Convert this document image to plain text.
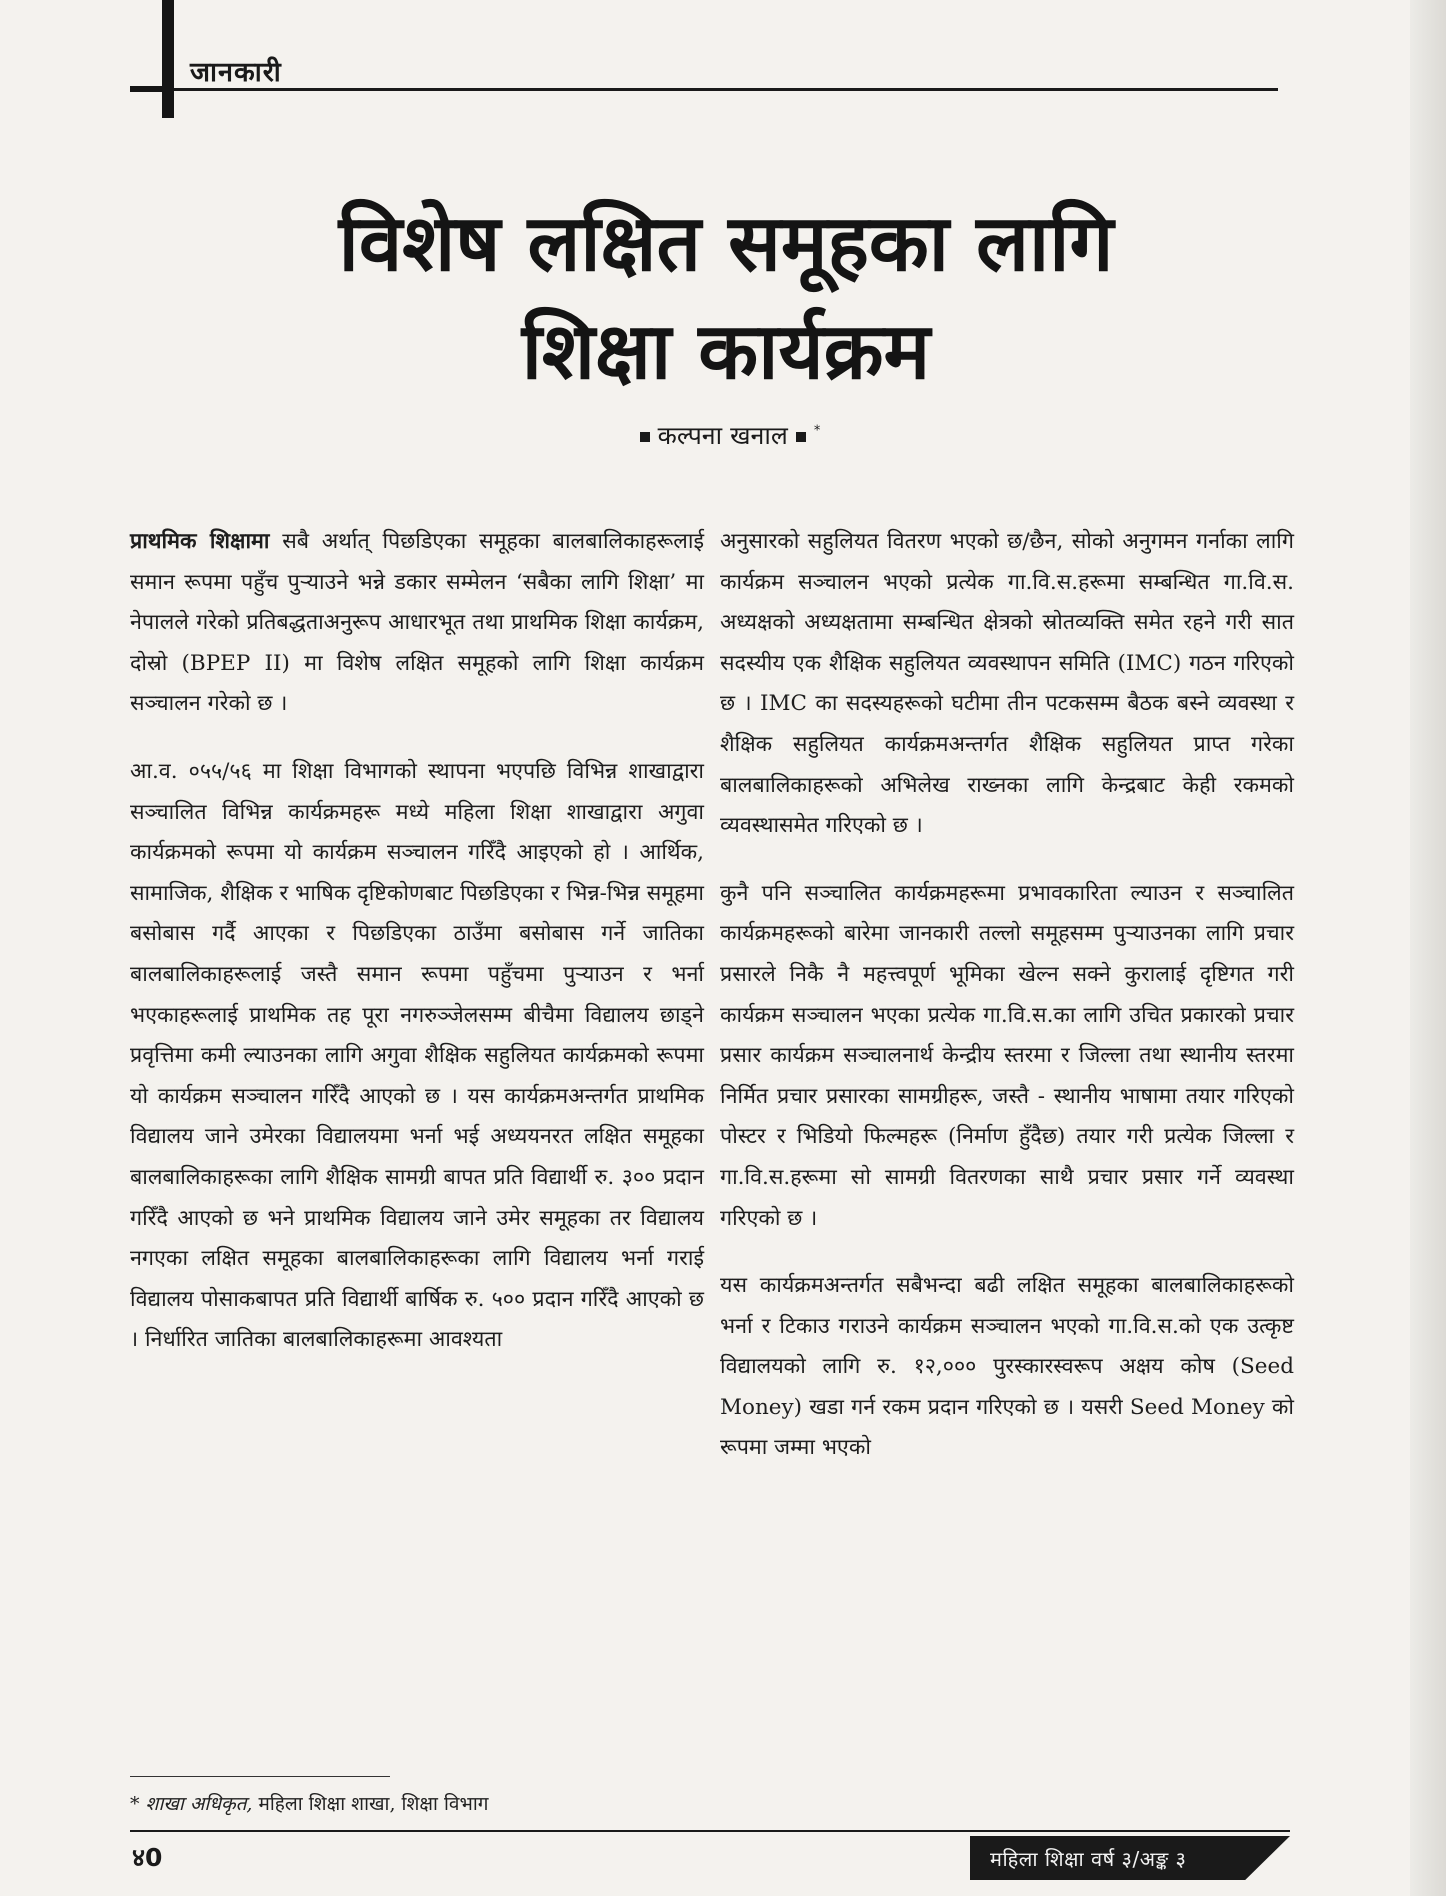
जानकारी
विशेष लक्षित समूहका लागि
शिक्षा कार्यक्रम
कल्पना खनाल *

प्राथमिक शिक्षामा सबै अर्थात् पिछडिएका समूहका बालबालिकाहरूलाई समान रूपमा पहुँच पुऱ्याउने भन्ने डकार सम्मेलन ‘सबैका लागि शिक्षा’ मा नेपालले गरेको प्रतिबद्धताअनुरूप आधारभूत तथा प्राथमिक शिक्षा कार्यक्रम, दोस्रो (BPEP II) मा विशेष लक्षित समूहको लागि शिक्षा कार्यक्रम सञ्चालन गरेको छ ।

आ.व. ०५५/५६ मा शिक्षा विभागको स्थापना भएपछि विभिन्न शाखाद्वारा सञ्चालित विभिन्न कार्यक्रमहरू मध्ये महिला शिक्षा शाखाद्वारा अगुवा कार्यक्रमको रूपमा यो कार्यक्रम सञ्चालन गरिँदै आइएको हो । आर्थिक, सामाजिक, शैक्षिक र भाषिक दृष्टिकोणबाट पिछडिएका र भिन्न-भिन्न समूहमा बसोबास गर्दै आएका र पिछडिएका ठाउँमा बसोबास गर्ने जातिका बालबालिकाहरूलाई जस्तै समान रूपमा पहुँचमा पुऱ्याउन र भर्ना भएकाहरूलाई प्राथमिक तह पूरा नगरुञ्जेलसम्म बीचैमा विद्यालय छाड्ने प्रवृत्तिमा कमी ल्याउनका लागि अगुवा शैक्षिक सहुलियत कार्यक्रमको रूपमा यो कार्यक्रम सञ्चालन गरिँदै आएको छ । यस कार्यक्रमअन्तर्गत प्राथमिक विद्यालय जाने उमेरका विद्यालयमा भर्ना भई अध्ययनरत लक्षित समूहका बालबालिकाहरूका लागि शैक्षिक सामग्री बापत प्रति विद्यार्थी रु. ३०० प्रदान गरिँदै आएको छ भने प्राथमिक विद्यालय जाने उमेर समूहका तर विद्यालय नगएका लक्षित समूहका बालबालिकाहरूका लागि विद्यालय भर्ना गराई विद्यालय पोसाकबापत प्रति विद्यार्थी बार्षिक रु. ५०० प्रदान गरिँदै आएको छ । निर्धारित जातिका बालबालिकाहरूमा आवश्यता

अनुसारको सहुलियत वितरण भएको छ/छैन, सोको अनुगमन गर्नाका लागि कार्यक्रम सञ्चालन भएको प्रत्येक गा.वि.स.हरूमा सम्बन्धित गा.वि.स. अध्यक्षको अध्यक्षतामा सम्बन्धित क्षेत्रको स्रोतव्यक्ति समेत रहने गरी सात सदस्यीय एक शैक्षिक सहुलियत व्यवस्थापन समिति (IMC) गठन गरिएको छ । IMC का सदस्यहरूको घटीमा तीन पटकसम्म बैठक बस्ने व्यवस्था र शैक्षिक सहुलियत कार्यक्रमअन्तर्गत शैक्षिक सहुलियत प्राप्त गरेका बालबालिकाहरूको अभिलेख राख्नका लागि केन्द्रबाट केही रकमको व्यवस्थासमेत गरिएको छ ।

कुनै पनि सञ्चालित कार्यक्रमहरूमा प्रभावकारिता ल्याउन र सञ्चालित कार्यक्रमहरूको बारेमा जानकारी तल्लो समूहसम्म पुऱ्याउनका लागि प्रचार प्रसारले निकै नै महत्त्वपूर्ण भूमिका खेल्न सक्ने कुरालाई दृष्टिगत गरी कार्यक्रम सञ्चालन भएका प्रत्येक गा.वि.स.का लागि उचित प्रकारको प्रचार प्रसार कार्यक्रम सञ्चालनार्थ केन्द्रीय स्तरमा र जिल्ला तथा स्थानीय स्तरमा निर्मित प्रचार प्रसारका सामग्रीहरू, जस्तै - स्थानीय भाषामा तयार गरिएको पोस्टर र भिडियो फिल्महरू (निर्माण हुँदैछ) तयार गरी प्रत्येक जिल्ला र गा.वि.स.हरूमा सो सामग्री वितरणका साथै प्रचार प्रसार गर्ने व्यवस्था गरिएको छ ।

यस कार्यक्रमअन्तर्गत सबैभन्दा बढी लक्षित समूहका बालबालिकाहरूको भर्ना र टिकाउ गराउने कार्यक्रम सञ्चालन भएको गा.वि.स.को एक उत्कृष्ट विद्यालयको लागि रु. १२,००० पुरस्कारस्वरूप अक्षय कोष (Seed Money) खडा गर्न रकम प्रदान गरिएको छ । यसरी Seed Money को रूपमा जम्मा भएको

* शाखा अधिकृत, महिला शिक्षा शाखा, शिक्षा विभाग
४0	महिला शिक्षा वर्ष ३/अङ्क ३
